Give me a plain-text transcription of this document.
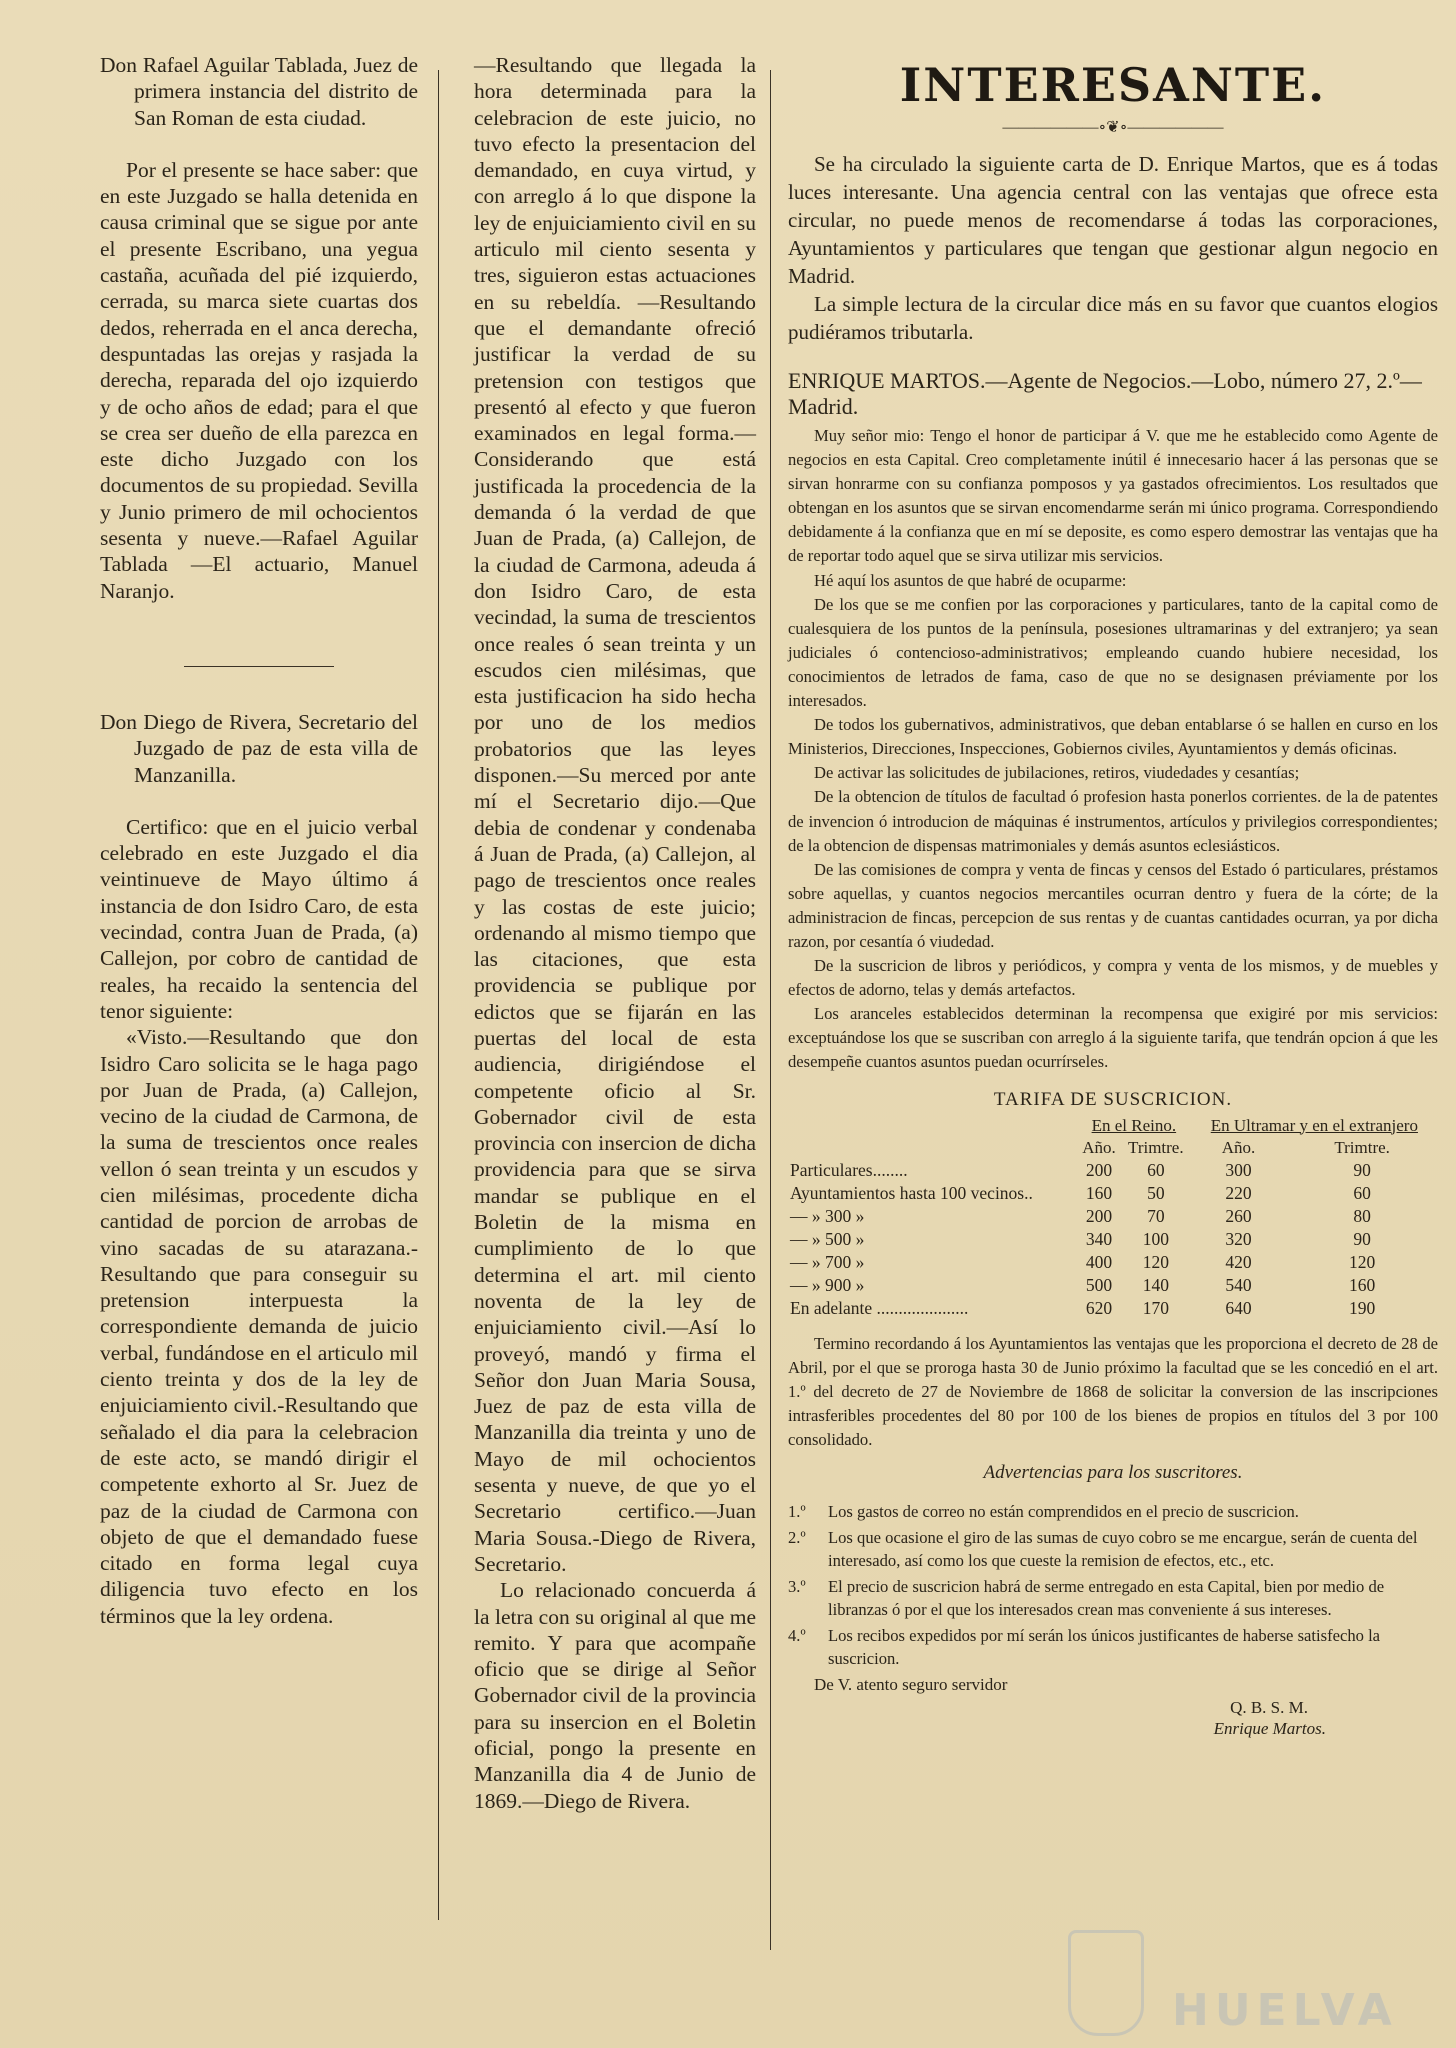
Don Rafael Aguilar Tablada, Juez de primera instancia del distrito de San Roman de esta ciudad.

Por el presente se hace saber: que en este Juzgado se halla detenida en causa criminal que se sigue por ante el presente Escribano, una yegua castaña, acuñada del pié izquierdo, cerrada, su marca siete cuartas dos dedos, reherrada en el anca derecha, despuntadas las orejas y rasjada la derecha, reparada del ojo izquierdo y de ocho años de edad; para el que se crea ser dueño de ella parezca en este dicho Juzgado con los documentos de su propiedad. Sevilla y Junio primero de mil ochocientos sesenta y nueve.—Rafael Aguilar Tablada —El actuario, Manuel Naranjo.

Don Diego de Rivera, Secretario del Juzgado de paz de esta villa de Manzanilla.

Certifico: que en el juicio verbal celebrado en este Juzgado el dia veintinueve de Mayo último á instancia de don Isidro Caro, de esta vecindad, contra Juan de Prada, (a) Callejon, por cobro de cantidad de reales, ha recaido la sentencia del tenor siguiente:

«Visto.—Resultando que don Isidro Caro solicita se le haga pago por Juan de Prada, (a) Callejon, vecino de la ciudad de Carmona, de la suma de trescientos once reales vellon ó sean treinta y un escudos y cien milésimas, procedente dicha cantidad de porcion de arrobas de vino sacadas de su atarazana.-Resultando que para conseguir su pretension interpuesta la correspondiente demanda de juicio verbal, fundándose en el articulo mil ciento treinta y dos de la ley de enjuiciamiento civil.-Resultando que señalado el dia para la celebracion de este acto, se mandó dirigir el competente exhorto al Sr. Juez de paz de la ciudad de Carmona con objeto de que el demandado fuese citado en forma legal cuya diligencia tuvo efecto en los términos que la ley ordena.

—Resultando que llegada la hora determinada para la celebracion de este juicio, no tuvo efecto la presentacion del demandado, en cuya virtud, y con arreglo á lo que dispone la ley de enjuiciamiento civil en su articulo mil ciento sesenta y tres, siguieron estas actuaciones en su rebeldía. —Resultando que el demandante ofreció justificar la verdad de su pretension con testigos que presentó al efecto y que fueron examinados en legal forma.—Considerando que está justificada la procedencia de la demanda ó la verdad de que Juan de Prada, (a) Callejon, de la ciudad de Carmona, adeuda á don Isidro Caro, de esta vecindad, la suma de trescientos once reales ó sean treinta y un escudos cien milésimas, que esta justificacion ha sido hecha por uno de los medios probatorios que las leyes disponen.—Su merced por ante mí el Secretario dijo.—Que debia de condenar y condenaba á Juan de Prada, (a) Callejon, al pago de trescientos once reales y las costas de este juicio; ordenando al mismo tiempo que las citaciones, que esta providencia se publique por edictos que se fijarán en las puertas del local de esta audiencia, dirigiéndose el competente oficio al Sr. Gobernador civil de esta provincia con insercion de dicha providencia para que se sirva mandar se publique en el Boletin de la misma en cumplimiento de lo que determina el art. mil ciento noventa de la ley de enjuiciamiento civil.—Así lo proveyó, mandó y firma el Señor don Juan Maria Sousa, Juez de paz de esta villa de Manzanilla dia treinta y uno de Mayo de mil ochocientos sesenta y nueve, de que yo el Secretario certifico.—Juan Maria Sousa.-Diego de Rivera, Secretario.

Lo relacionado concuerda á la letra con su original al que me remito. Y para que acompañe oficio que se dirige al Señor Gobernador civil de la provincia para su insercion en el Boletin oficial, pongo la presente en Manzanilla dia 4 de Junio de 1869.—Diego de Rivera.

INTERESANTE.
——————∘❦∘——————

Se ha circulado la siguiente carta de D. Enrique Martos, que es á todas luces interesante. Una agencia central con las ventajas que ofrece esta circular, no puede menos de recomendarse á todas las corporaciones, Ayuntamientos y particulares que tengan que gestionar algun negocio en Madrid.

La simple lectura de la circular dice más en su favor que cuantos elogios pudiéramos tributarla.

ENRIQUE MARTOS.—Agente de Negocios.—Lobo, número 27, 2.º—Madrid.

Muy señor mio: Tengo el honor de participar á V. que me he establecido como Agente de negocios en esta Capital. Creo completamente inútil é innecesario hacer á las personas que se sirvan honrarme con su confianza pomposos y ya gastados ofrecimientos. Los resultados que obtengan en los asuntos que se sirvan encomendarme serán mi único programa. Correspondiendo debidamente á la confianza que en mí se deposite, es como espero demostrar las ventajas que ha de reportar todo aquel que se sirva utilizar mis servicios.

Hé aquí los asuntos de que habré de ocuparme:

De los que se me confien por las corporaciones y particulares, tanto de la capital como de cualesquiera de los puntos de la península, posesiones ultramarinas y del extranjero; ya sean judiciales ó contencioso-administrativos; empleando cuando hubiere necesidad, los conocimientos de letrados de fama, caso de que no se designasen préviamente por los interesados.

De todos los gubernativos, administrativos, que deban entablarse ó se hallen en curso en los Ministerios, Direcciones, Inspecciones, Gobiernos civiles, Ayuntamientos y demás oficinas.

De activar las solicitudes de jubilaciones, retiros, viudedades y cesantías;

De la obtencion de títulos de facultad ó profesion hasta ponerlos corrientes. de la de patentes de invencion ó introducion de máquinas é instrumentos, artículos y privilegios correspondientes; de la obtencion de dispensas matrimoniales y demás asuntos eclesiásticos.

De las comisiones de compra y venta de fincas y censos del Estado ó particulares, préstamos sobre aquellas, y cuantos negocios mercantiles ocurran dentro y fuera de la córte; de la administracion de fincas, percepcion de sus rentas y de cuantas cantidades ocurran, ya por dicha razon, por cesantía ó viudedad.

De la suscricion de libros y periódicos, y compra y venta de los mismos, y de muebles y efectos de adorno, telas y demás artefactos.

Los aranceles establecidos determinan la recompensa que exigiré por mis servicios: exceptuándose los que se suscriban con arreglo á la siguiente tarifa, que tendrán opcion á que les desempeñe cuantos asuntos puedan ocurrírseles.

TARIFA DE SUSCRICION.
	En el Reino.		En Ultramar y en el extranjero	
	Año.	Trimtre.	Año.	Trimtre.
Particulares........	200	60	300	90
Ayuntamientos hasta 100 vecinos..	160	50	220	60
— » 300 »	200	70	260	80
— » 500 »	340	100	320	90
— » 700 »	400	120	420	120
— » 900 »	500	140	540	160
En adelante .....................	620	170	640	190

Termino recordando á los Ayuntamientos las ventajas que les proporciona el decreto de 28 de Abril, por el que se proroga hasta 30 de Junio próximo la facultad que se les concedió en el art. 1.º del decreto de 27 de Noviembre de 1868 de solicitar la conversion de las inscripciones intrasferibles procedentes del 80 por 100 de los bienes de propios en títulos del 3 por 100 consolidado.

Advertencias para los suscritores.
1.º	Los gastos de correo no están comprendidos en el precio de suscricion.
2.º	Los que ocasione el giro de las sumas de cuyo cobro se me encargue, serán de cuenta del interesado, así como los que cueste la remision de efectos, etc., etc.
3.º	El precio de suscricion habrá de serme entregado en esta Capital, bien por medio de libranzas ó por el que los interesados crean mas conveniente á sus intereses.
4.º	Los recibos expedidos por mí serán los únicos justificantes de haberse satisfecho la suscricion.

De V. atento seguro servidor

Q. B. S. M.

Enrique Martos.

HUELVA
